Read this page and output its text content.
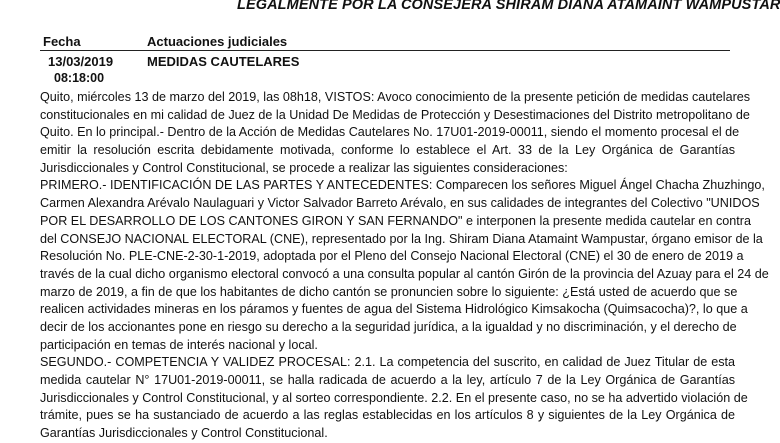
LEGALMENTE POR LA CONSEJERA SHIRAM DIANA ATAMAINT WAMPUSTAR
Fecha	Actuaciones judiciales
13/03/2019
08:18:00
MEDIDAS CAUTELARES
Quito, miércoles 13 de marzo del 2019, las 08h18, VISTOS: Avoco conocimiento de la presente petición de medidas cautelares
constitucionales en mi calidad de Juez de la Unidad De Medidas de Protección y Desestimaciones del Distrito metropolitano de
Quito. En lo principal.- Dentro de la Acción de Medidas Cautelares No. 17U01-2019-00011, siendo el momento procesal el de
emitir la resolución escrita debidamente motivada, conforme lo establece el Art. 33 de la Ley Orgánica de Garantías
Jurisdiccionales y Control Constitucional, se procede a realizar las siguientes consideraciones:
PRIMERO.- IDENTIFICACIÓN DE LAS PARTES Y ANTECEDENTES: Comparecen los señores Miguel Ángel Chacha Zhuzhingo,
Carmen Alexandra Arévalo Naulaguari y Victor Salvador Barreto Arévalo, en sus calidades de integrantes del Colectivo "UNIDOS
POR EL DESARROLLO DE LOS CANTONES GIRON Y SAN FERNANDO" e interponen la presente medida cautelar en contra
del CONSEJO NACIONAL ELECTORAL (CNE), representado por la Ing. Shiram Diana Atamaint Wampustar, órgano emisor de la
Resolución No. PLE-CNE-2-30-1-2019, adoptada por el Pleno del Consejo Nacional Electoral (CNE) el 30 de enero de 2019 a
través de la cual dicho organismo electoral convocó a una consulta popular al cantón Girón de la provincia del Azuay para el 24 de
marzo de 2019, a fin de que los habitantes de dicho cantón se pronuncien sobre lo siguiente: ¿Está usted de acuerdo que se
realicen actividades mineras en los páramos y fuentes de agua del Sistema Hidrológico Kimsakocha (Quimsacocha)?, lo que a
decir de los accionantes pone en riesgo su derecho a la seguridad jurídica, a la igualdad y no discriminación, y el derecho de
participación en temas de interés nacional y local.
SEGUNDO.- COMPETENCIA Y VALIDEZ PROCESAL: 2.1. La competencia del suscrito, en calidad de Juez Titular de esta
medida cautelar N° 17U01-2019-00011, se halla radicada de acuerdo a la ley, artículo 7 de la Ley Orgánica de Garantías
Jurisdiccionales y Control Constitucional, y al sorteo correspondiente. 2.2. En el presente caso, no se ha advertido violación de
trámite, pues se ha sustanciado de acuerdo a las reglas establecidas en los artículos 8 y siguientes de la Ley Orgánica de
Garantías Jurisdiccionales y Control Constitucional.
